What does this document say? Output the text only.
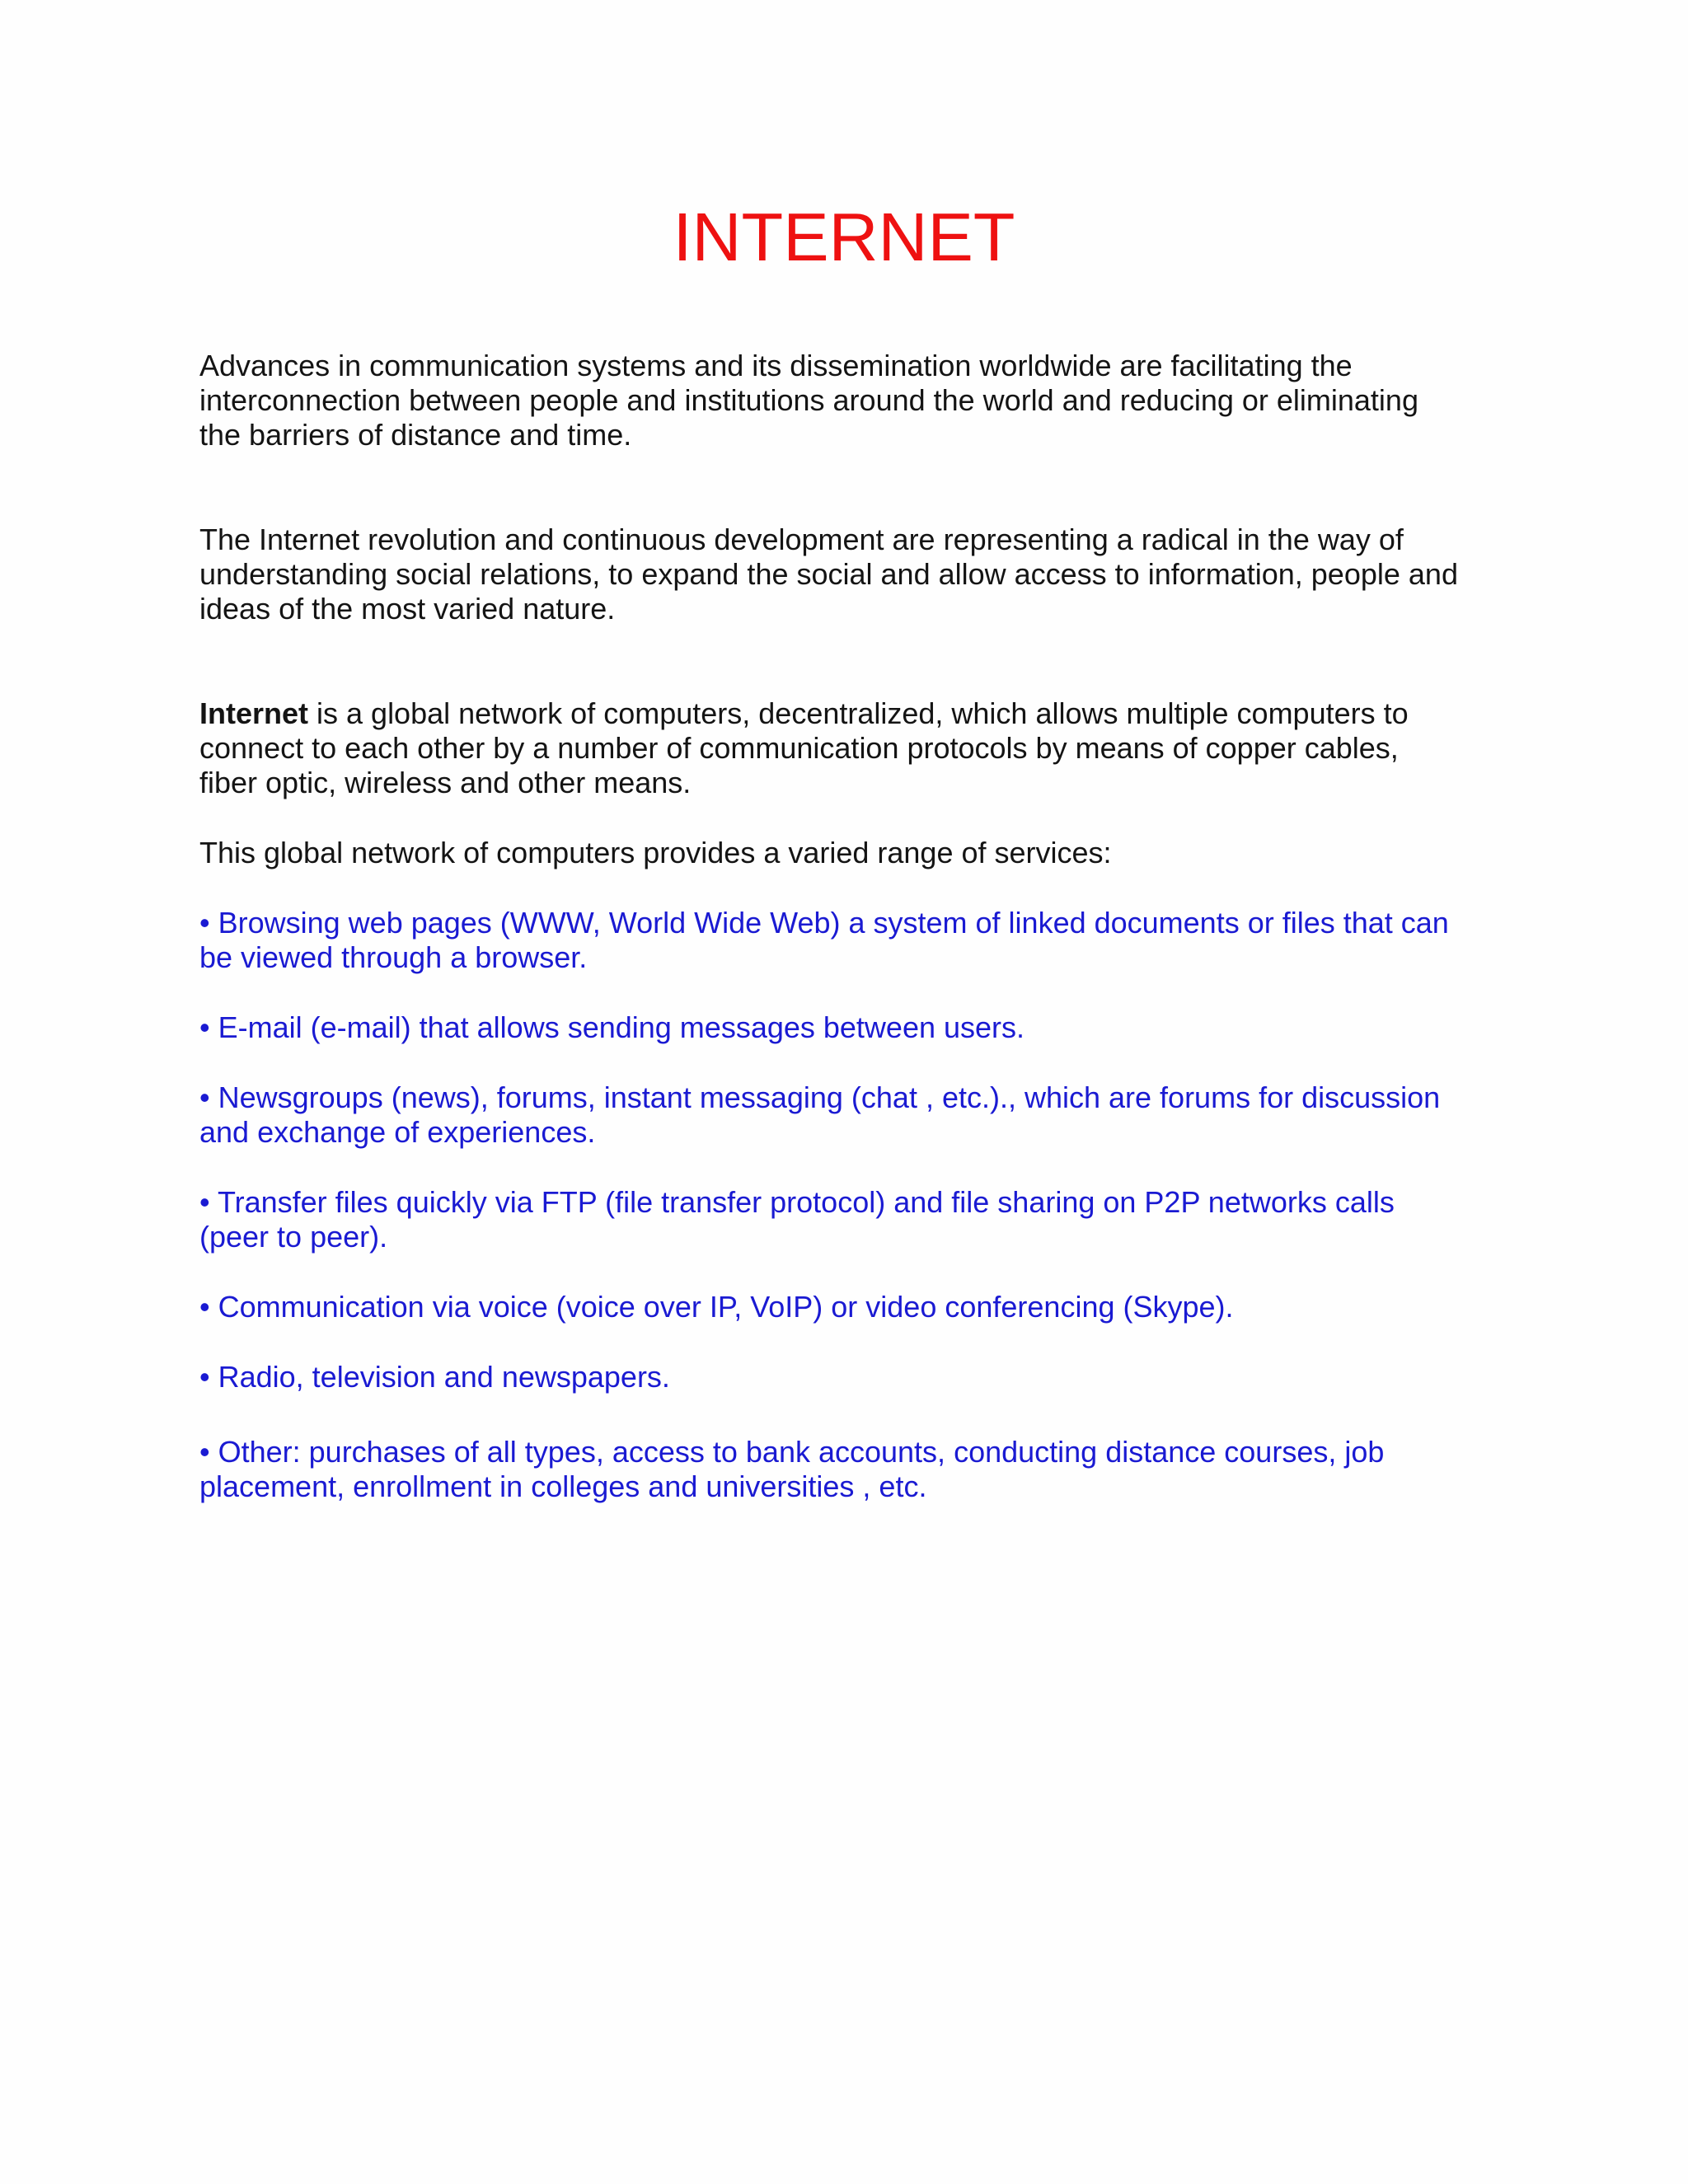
INTERNET

Advances in communication systems and its dissemination worldwide are facilitating the
interconnection between people and institutions around the world and reducing or eliminating
the barriers of distance and time.

The Internet revolution and continuous development are representing a radical in the way of
understanding social relations, to expand the social and allow access to information, people and
ideas of the most varied nature.

Internet is a global network of computers, decentralized, which allows multiple computers to
connect to each other by a number of communication protocols by means of copper cables,
fiber optic, wireless and other means.

This global network of computers provides a varied range of services:

• Browsing web pages (WWW, World Wide Web) a system of linked documents or files that can
be viewed through a browser.

• E-mail (e-mail) that allows sending messages between users.

• Newsgroups (news), forums, instant messaging (chat , etc.)., which are forums for discussion
and exchange of experiences.

• Transfer files quickly via FTP (file transfer protocol) and file sharing on P2P networks calls
(peer to peer).

• Communication via voice (voice over IP, VoIP) or video conferencing (Skype).

• Radio, television and newspapers.

• Other: purchases of all types, access to bank accounts, conducting distance courses, job
placement, enrollment in colleges and universities , etc.
